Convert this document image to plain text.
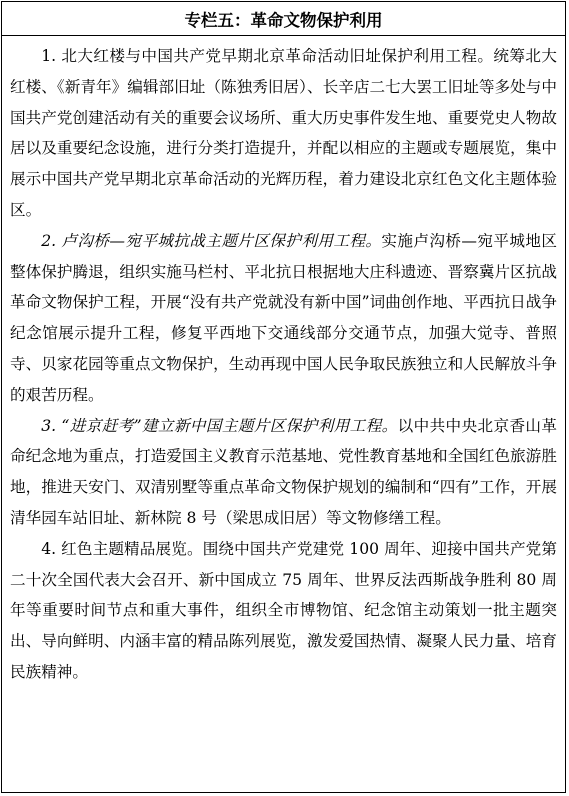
专栏五：革命文物保护利用

1. 北大红楼与中国共产党早期北京革命活动旧址保护利用工程。统筹北大红楼、《新青年》编辑部旧址（陈独秀旧居）、长辛店二七大罢工旧址等多处与中国共产党创建活动有关的重要会议场所、重大历史事件发生地、重要党史人物故居以及重要纪念设施，进行分类打造提升，并配以相应的主题或专题展览，集中展示中国共产党早期北京革命活动的光辉历程，着力建设北京红色文化主题体验区。

2. 卢沟桥—宛平城抗战主题片区保护利用工程。实施卢沟桥—宛平城地区整体保护腾退，组织实施马栏村、平北抗日根据地大庄科遗迹、晋察冀片区抗战革命文物保护工程，开展“没有共产党就没有新中国”词曲创作地、平西抗日战争纪念馆展示提升工程，修复平西地下交通线部分交通节点，加强大觉寺、普照寺、贝家花园等重点文物保护，生动再现中国人民争取民族独立和人民解放斗争的艰苦历程。

3. “进京赶考”建立新中国主题片区保护利用工程。以中共中央北京香山革命纪念地为重点，打造爱国主义教育示范基地、党性教育基地和全国红色旅游胜地，推进天安门、双清别墅等重点革命文物保护规划的编制和“四有”工作，开展清华园车站旧址、新林院 8 号（梁思成旧居）等文物修缮工程。

4. 红色主题精品展览。围绕中国共产党建党 100 周年、迎接中国共产党第二十次全国代表大会召开、新中国成立 75 周年、世界反法西斯战争胜利 80 周年等重要时间节点和重大事件，组织全市博物馆、纪念馆主动策划一批主题突出、导向鲜明、内涵丰富的精品陈列展览，激发爱国热情、凝聚人民力量、培育民族精神。
